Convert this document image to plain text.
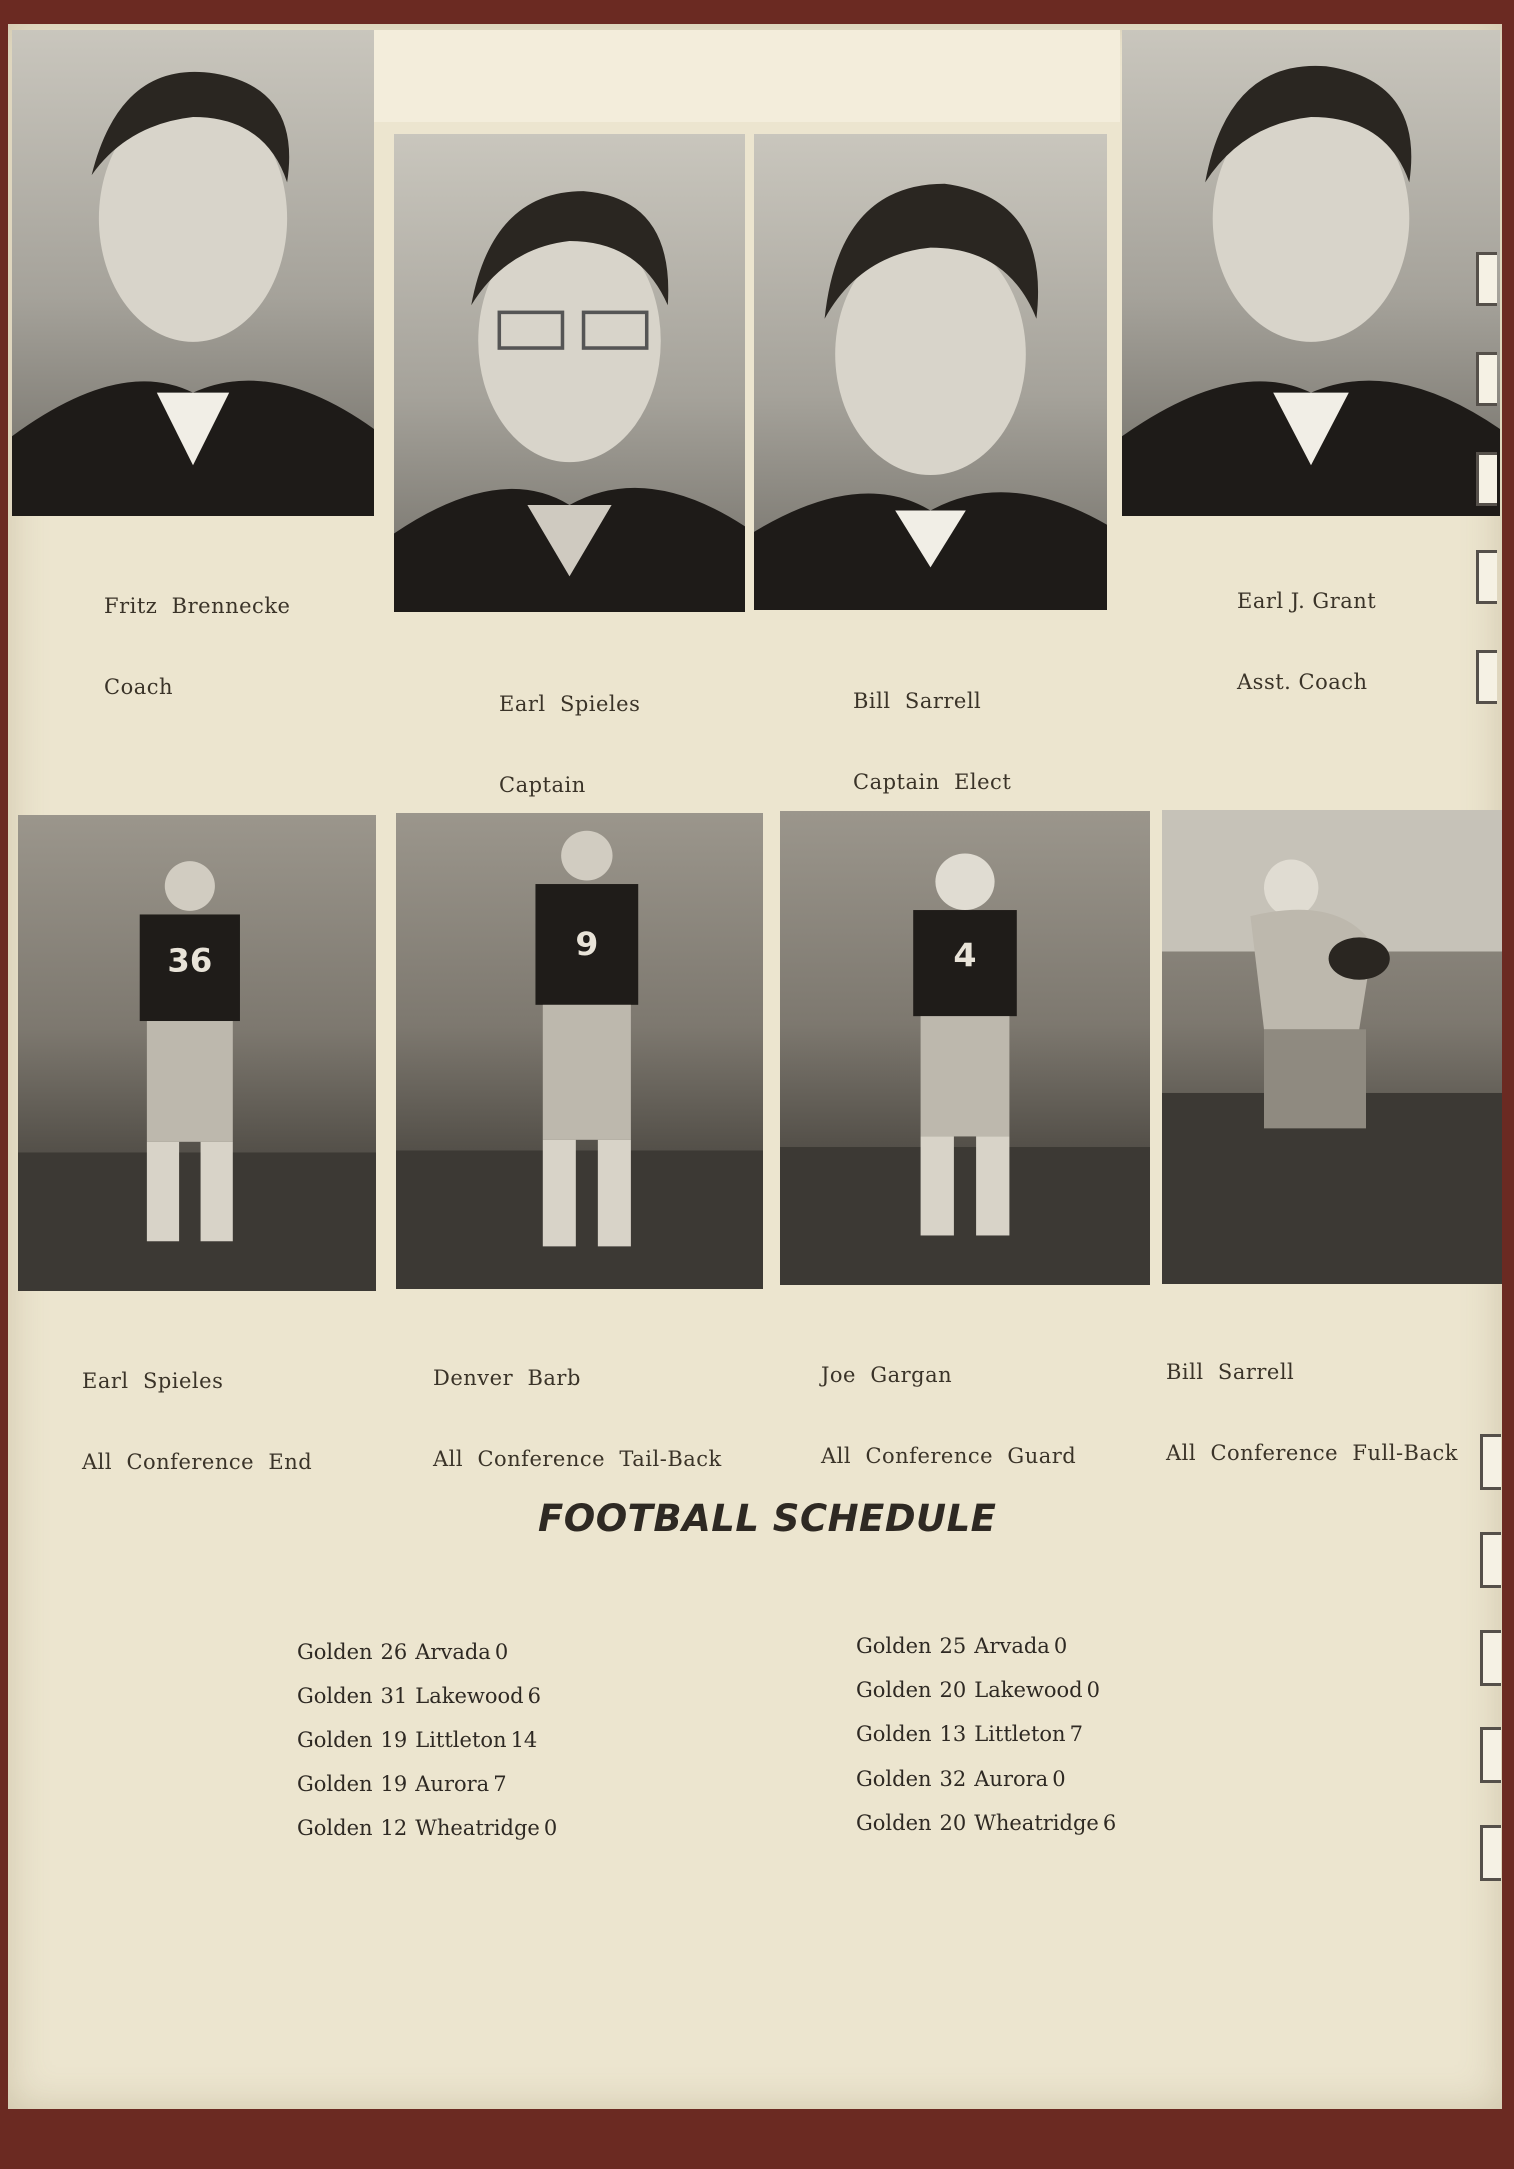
Fritz  Brennecke

Coach

Earl  Spieles

Captain

Bill  Sarrell

Captain  Elect

Earl J. Grant

Asst. Coach

36	9	4

Earl  Spieles

All  Conference  End

Denver  Barb

All  Conference  Tail-Back

Joe  Gargan

All  Conference  Guard

Bill  Sarrell

All  Conference  Full-Back

FOOTBALL SCHEDULE
Golden 26 Arvada 0
Golden 31 Lakewood 6
Golden 19 Littleton 14
Golden 19 Aurora 7
Golden 12 Wheatridge 0
Golden 25 Arvada 0
Golden 20 Lakewood 0
Golden 13 Littleton 7
Golden 32 Aurora 0
Golden 20 Wheatridge 6
